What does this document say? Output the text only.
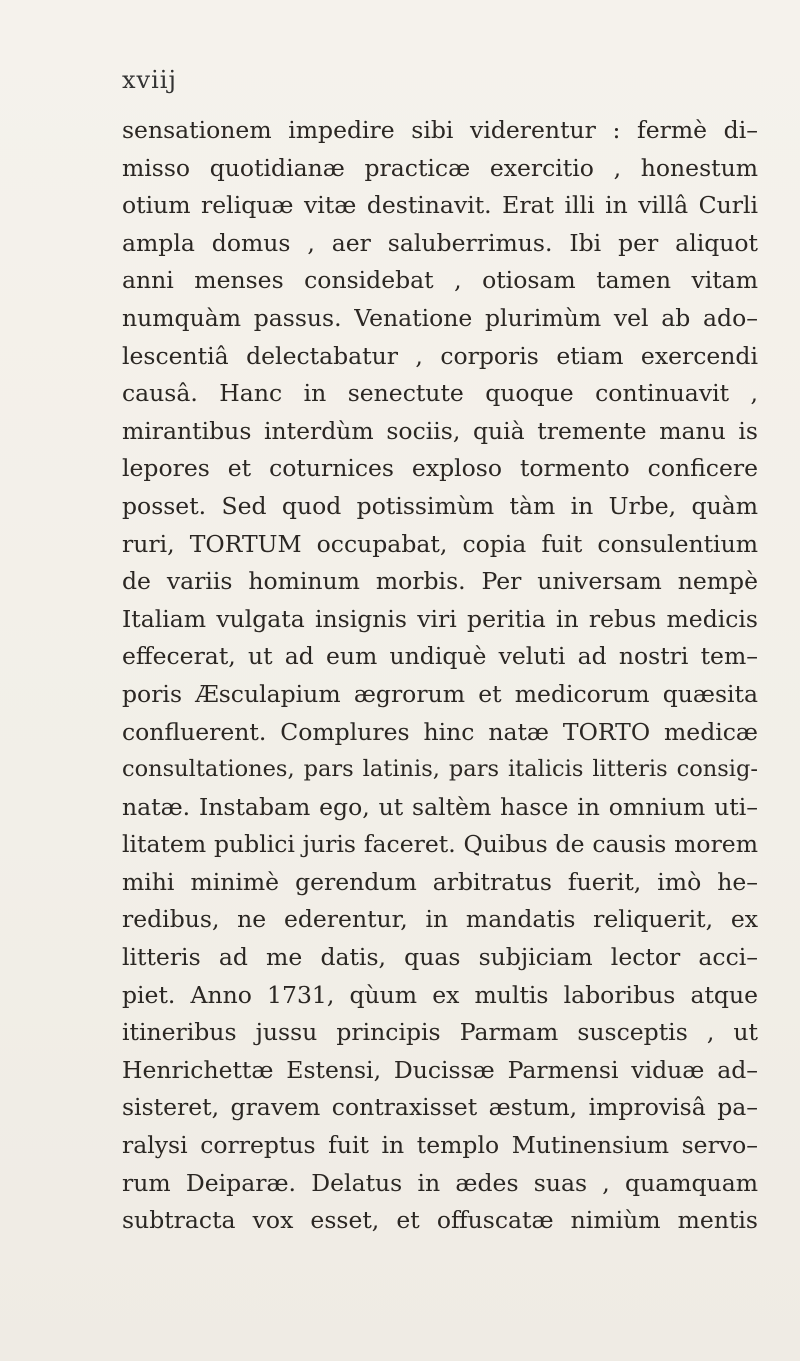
xviij
sensationem impedire sibi viderentur : fermè di–
misso quotidianæ practicæ exercitio , honestum
otium reliquæ vitæ destinavit. Erat illi in villâ Curli
ampla domus , aer saluberrimus. Ibi per aliquot
anni menses considebat , otiosam tamen vitam
numquàm passus. Venatione plurimùm vel ab ado–
lescentiâ delectabatur , corporis etiam exercendi
causâ. Hanc in senectute quoque continuavit ,
mirantibus interdùm sociis, quià tremente manu is
lepores et coturnices exploso tormento conficere
posset. Sed quod potissimùm tàm in Urbe, quàm
ruri, TORTUM occupabat, copia fuit consulentium
de variis hominum morbis. Per universam nempè
Italiam vulgata insignis viri peritia in rebus medicis
effecerat, ut ad eum undiquè veluti ad nostri tem–
poris Æsculapium ægrorum et medicorum quæsita
confluerent. Complures hinc natæ TORTO medicæ
consultationes, pars latinis, pars italicis litteris consig-
natæ. Instabam ego, ut saltèm hasce in omnium uti–
litatem publici juris faceret. Quibus de causis morem
mihi minimè gerendum arbitratus fuerit, imò he–
redibus, ne ederentur, in mandatis reliquerit, ex
litteris ad me datis, quas subjiciam lector acci–
piet. Anno 1731, qùum ex multis laboribus atque
itineribus jussu principis Parmam susceptis , ut
Henrichettæ Estensi, Ducissæ Parmensi viduæ ad–
sisteret, gravem contraxisset æstum, improvisâ pa–
ralysi correptus fuit in templo Mutinensium servo–
rum Deiparæ. Delatus in ædes suas , quamquam
subtracta vox esset, et offuscatæ nimiùm mentis
